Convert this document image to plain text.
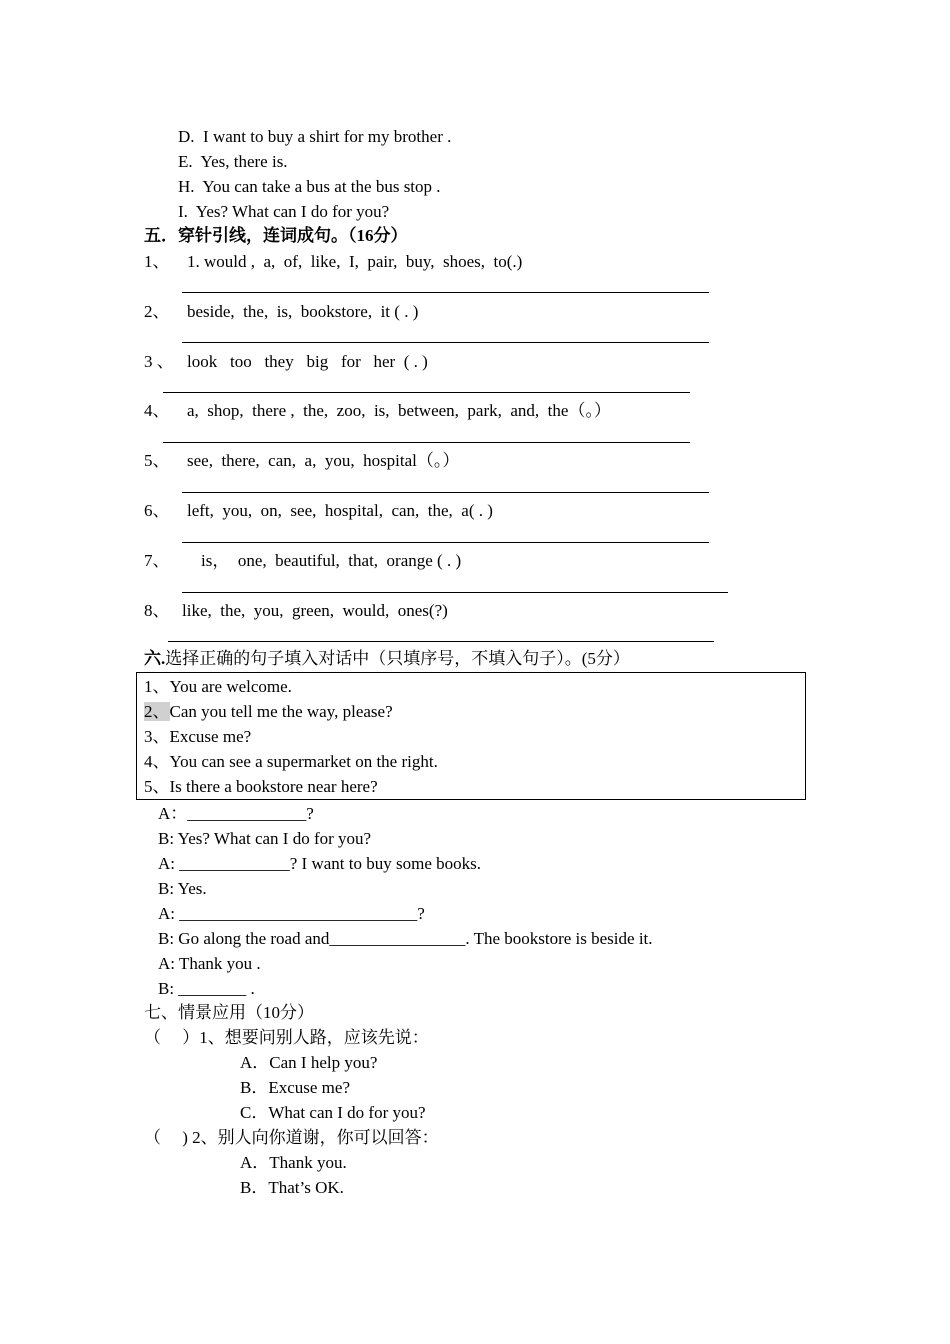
D.  I want to buy a shirt for my brother .
E.  Yes, there is.
H.  You can take a bus at the bus stop .
I.  Yes? What can I do for you?
五．穿针引线，连词成句。（16分）
1、 1. would ,  a,  of,  like,  I,  pair,  buy,  shoes,  to(.)
2、 beside,  the,  is,  bookstore,  it ( . )
3 、 look   too   they   big   for   her  ( . )
4、 a,  shop,  there ,  the,  zoo,  is,  between,  park,  and,  the（。）
5、 see,  there,  can,  a,  you,  hospital（。）
6、 left,  you,  on,  see,  hospital,  can,  the,  a( . )
7、 is，  one,  beautiful,  that,  orange ( . )
8、 like,  the,  you,  green,  would,  ones(?)
六.选择正确的句子填入对话中（只填序号，不填入句子）。(5分）
1、You are welcome.
2、Can you tell me the way, please?
3、Excuse me?
4、You can see a supermarket on the right.
5、Is there a bookstore near here?
A：______________?
B: Yes? What can I do for you?
A: _____________? I want to buy some books.
B: Yes.
A: ____________________________?
B: Go along the road and________________. The bookstore is beside it.
A: Thank you .
B: ________ .
七、情景应用（10分）
（     ）1、想要问别人路，应该先说：
A．Can I help you?
B．Excuse me?
C．What can I do for you?
（     ) 2、别人向你道谢，你可以回答：
A．Thank you.
B．That’s OK.
